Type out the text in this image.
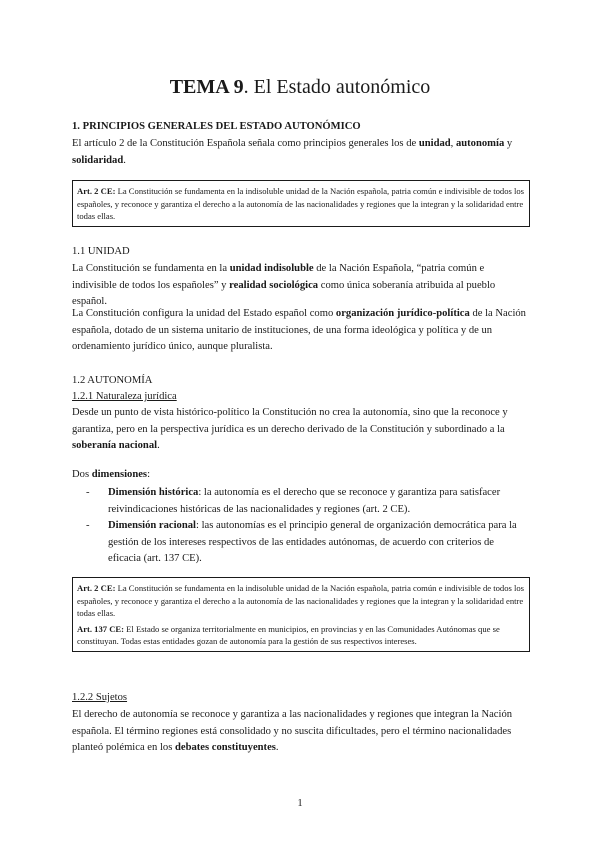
TEMA 9. El Estado autonómico
1. PRINCIPIOS GENERALES DEL ESTADO AUTONÓMICO

El artículo 2 de la Constitución Española señala como principios generales los de unidad, autonomía y solidaridad.

Art. 2 CE: La Constitución se fundamenta en la indisoluble unidad de la Nación española, patria común e indivisible de todos los españoles, y reconoce y garantiza el derecho a la autonomía de las nacionalidades y regiones que la integran y la solidaridad entre todas ellas.

1.1 UNIDAD

La Constitución se fundamenta en la unidad indisoluble de la Nación Española, “patria común e indivisible de todos los españoles” y realidad sociológica como única soberanía atribuida al pueblo español.

La Constitución configura la unidad del Estado español como organización jurídico-política de la Nación española, dotado de un sistema unitario de instituciones, de una forma ideológica y política y de un ordenamiento jurídico único, aunque pluralista.

1.2 AUTONOMÍA
1.2.1 Naturaleza jurídica

Desde un punto de vista histórico-político la Constitución no crea la autonomía, sino que la reconoce y garantiza, pero en la perspectiva jurídica es un derecho derivado de la Constitución y subordinado a la soberanía nacional.

Dos dimensiones:

- Dimensión histórica: la autonomía es el derecho que se reconoce y garantiza para satisfacer reivindicaciones históricas de las nacionalidades y regiones (art. 2 CE).
- Dimensión racional: las autonomías es el principio general de organización democrática para la gestión de los intereses respectivos de las entidades autónomas, de acuerdo con criterios de eficacia (art. 137 CE).

Art. 2 CE: La Constitución se fundamenta en la indisoluble unidad de la Nación española, patria común e indivisible de todos los españoles, y reconoce y garantiza el derecho a la autonomía de las nacionalidades y regiones que la integran y la solidaridad entre todas ellas.

Art. 137 CE: El Estado se organiza territorialmente en municipios, en provincias y en las Comunidades Autónomas que se constituyan. Todas estas entidades gozan de autonomía para la gestión de sus respectivos intereses.

1.2.2 Sujetos

El derecho de autonomía se reconoce y garantiza a las nacionalidades y regiones que integran la Nación española. El término regiones está consolidado y no suscita dificultades, pero el término nacionalidades planteó polémica en los debates constituyentes.

1
